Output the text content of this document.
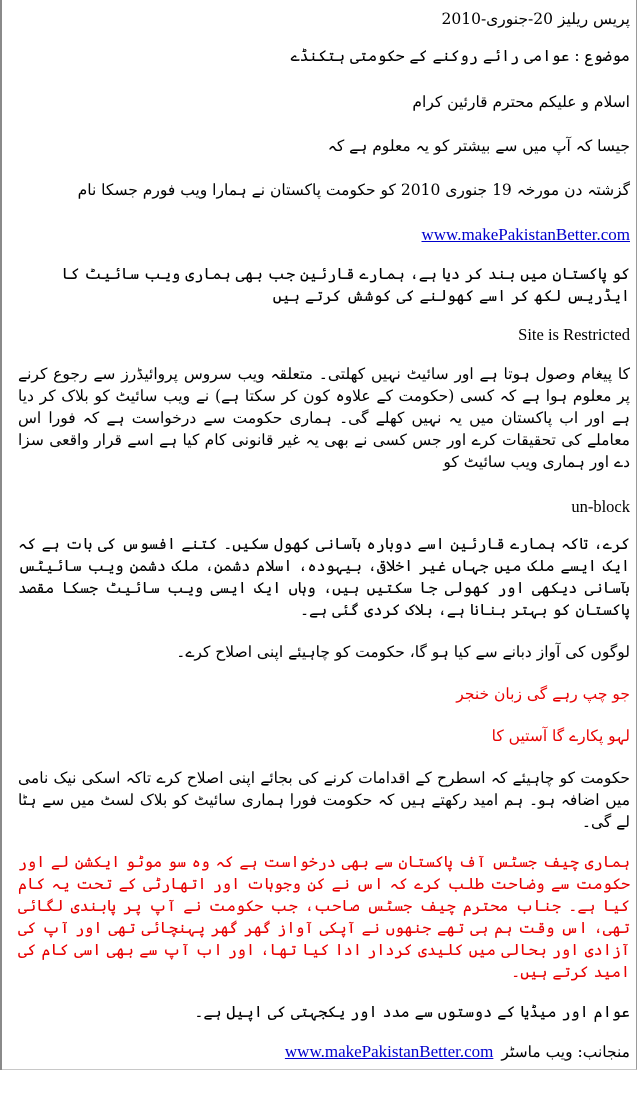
پریس ریلیز 20-جنوری-2010

موضوع : عوامی رائے روکنے کے حکومتی ہتکنڈے

اسلام و علیکم محترم قارئین کرام

جیسا کہ آپ میں سے بیشتر کو یہ معلوم ہے کہ

گزشتہ دن مورخہ 19 جنوری 2010 کو حکومت پاکستان نے ہمارا ویب فورم جسکا نام

www.makePakistanBetter.com

کو پاکستان میں بند کر دیا ہے، ہمارے قارئین جب بھی ہماری ویب سائیٹ کا ایڈریس لکھ کر اسے کھولنے کی کوشش کرتے ہیں

Site is Restricted

کا پیغام وصول ہوتا ہے اور سائیٹ نہیں کھلتی۔ متعلقہ ویب سروس پروائیڈرز سے رجوع کرنے پر معلوم ہوا ہے کہ کسی (حکومت کے علاوہ کون کر سکتا ہے) نے ویب سائیٹ کو بلاک کر دیا ہے اور اب پاکستان میں یہ نہیں کھلے گی۔ ہماری حکومت سے درخواست ہے کہ فورا اس معاملے کی تحقیقات کرے اور جس کسی نے بھی یہ غیر قانونی کام کیا ہے اسے قرار واقعی سزا دے اور ہماری ویب سائیٹ کو

un-block

کرے، تاکہ ہمارے قارئین اسے دوبارہ بآسانی کھول سکیں۔ کتنے افسوس کی بات ہے کہ ایک ایسے ملک میں جہاں غیر اخلاقی، بیہودہ، اسلام دشمن، ملک دشمن ویب سائیٹس بآسانی دیکھی اور کھولی جا سکتیں ہیں، وہاں ایک ایسی ویب سائیٹ جسکا مقصد پاکستان کو بہتر بنانا ہے، بلاک کردی گئی ہے۔

لوگوں کی آواز دبانے سے کیا ہو گا، حکومت کو چاہیئے اپنی اصلاح کرے۔

جو چپ رہے گی زبان خنجر

لہو پکارے گا آستیں کا

حکومت کو چاہیئے کہ اسطرح کے اقدامات کرنے کی بجائے اپنی اصلاح کرے تاکہ اسکی نیک نامی میں اضافہ ہو۔ ہم امید رکھتے ہیں کہ حکومت فورا ہماری سائیٹ کو بلاک لسٹ میں سے ہٹا لے گی۔

ہماری چیف جسٹس آف پاکستان سے بھی درخواست ہے کہ وہ سو موٹو ایکشن لے اور حکومت سے وضاحت طلب کرے کہ اس نے کن وجوہات اور اتھارٹی کے تحت یہ کام کیا ہے۔ جناب محترم چیف جسٹس صاحب، جب حکومت نے آپ پر پابندی لگائی تھی، اس وقت ہم ہی تھے جنھوں نے آپکی آواز گھر گھر پہنچائی تھی اور آپ کی آزادی اور بحالی میں کلیدی کردار ادا کیا تھا، اور اب آپ سے بھی اسی کام کی امید کرتے ہیں۔

عوام اور میڈیا کے دوستوں سے مدد اور یکجہتی کی اپیل ہے۔

منجانب: ویب ماسٹر
www.makePakistanBetter.com
